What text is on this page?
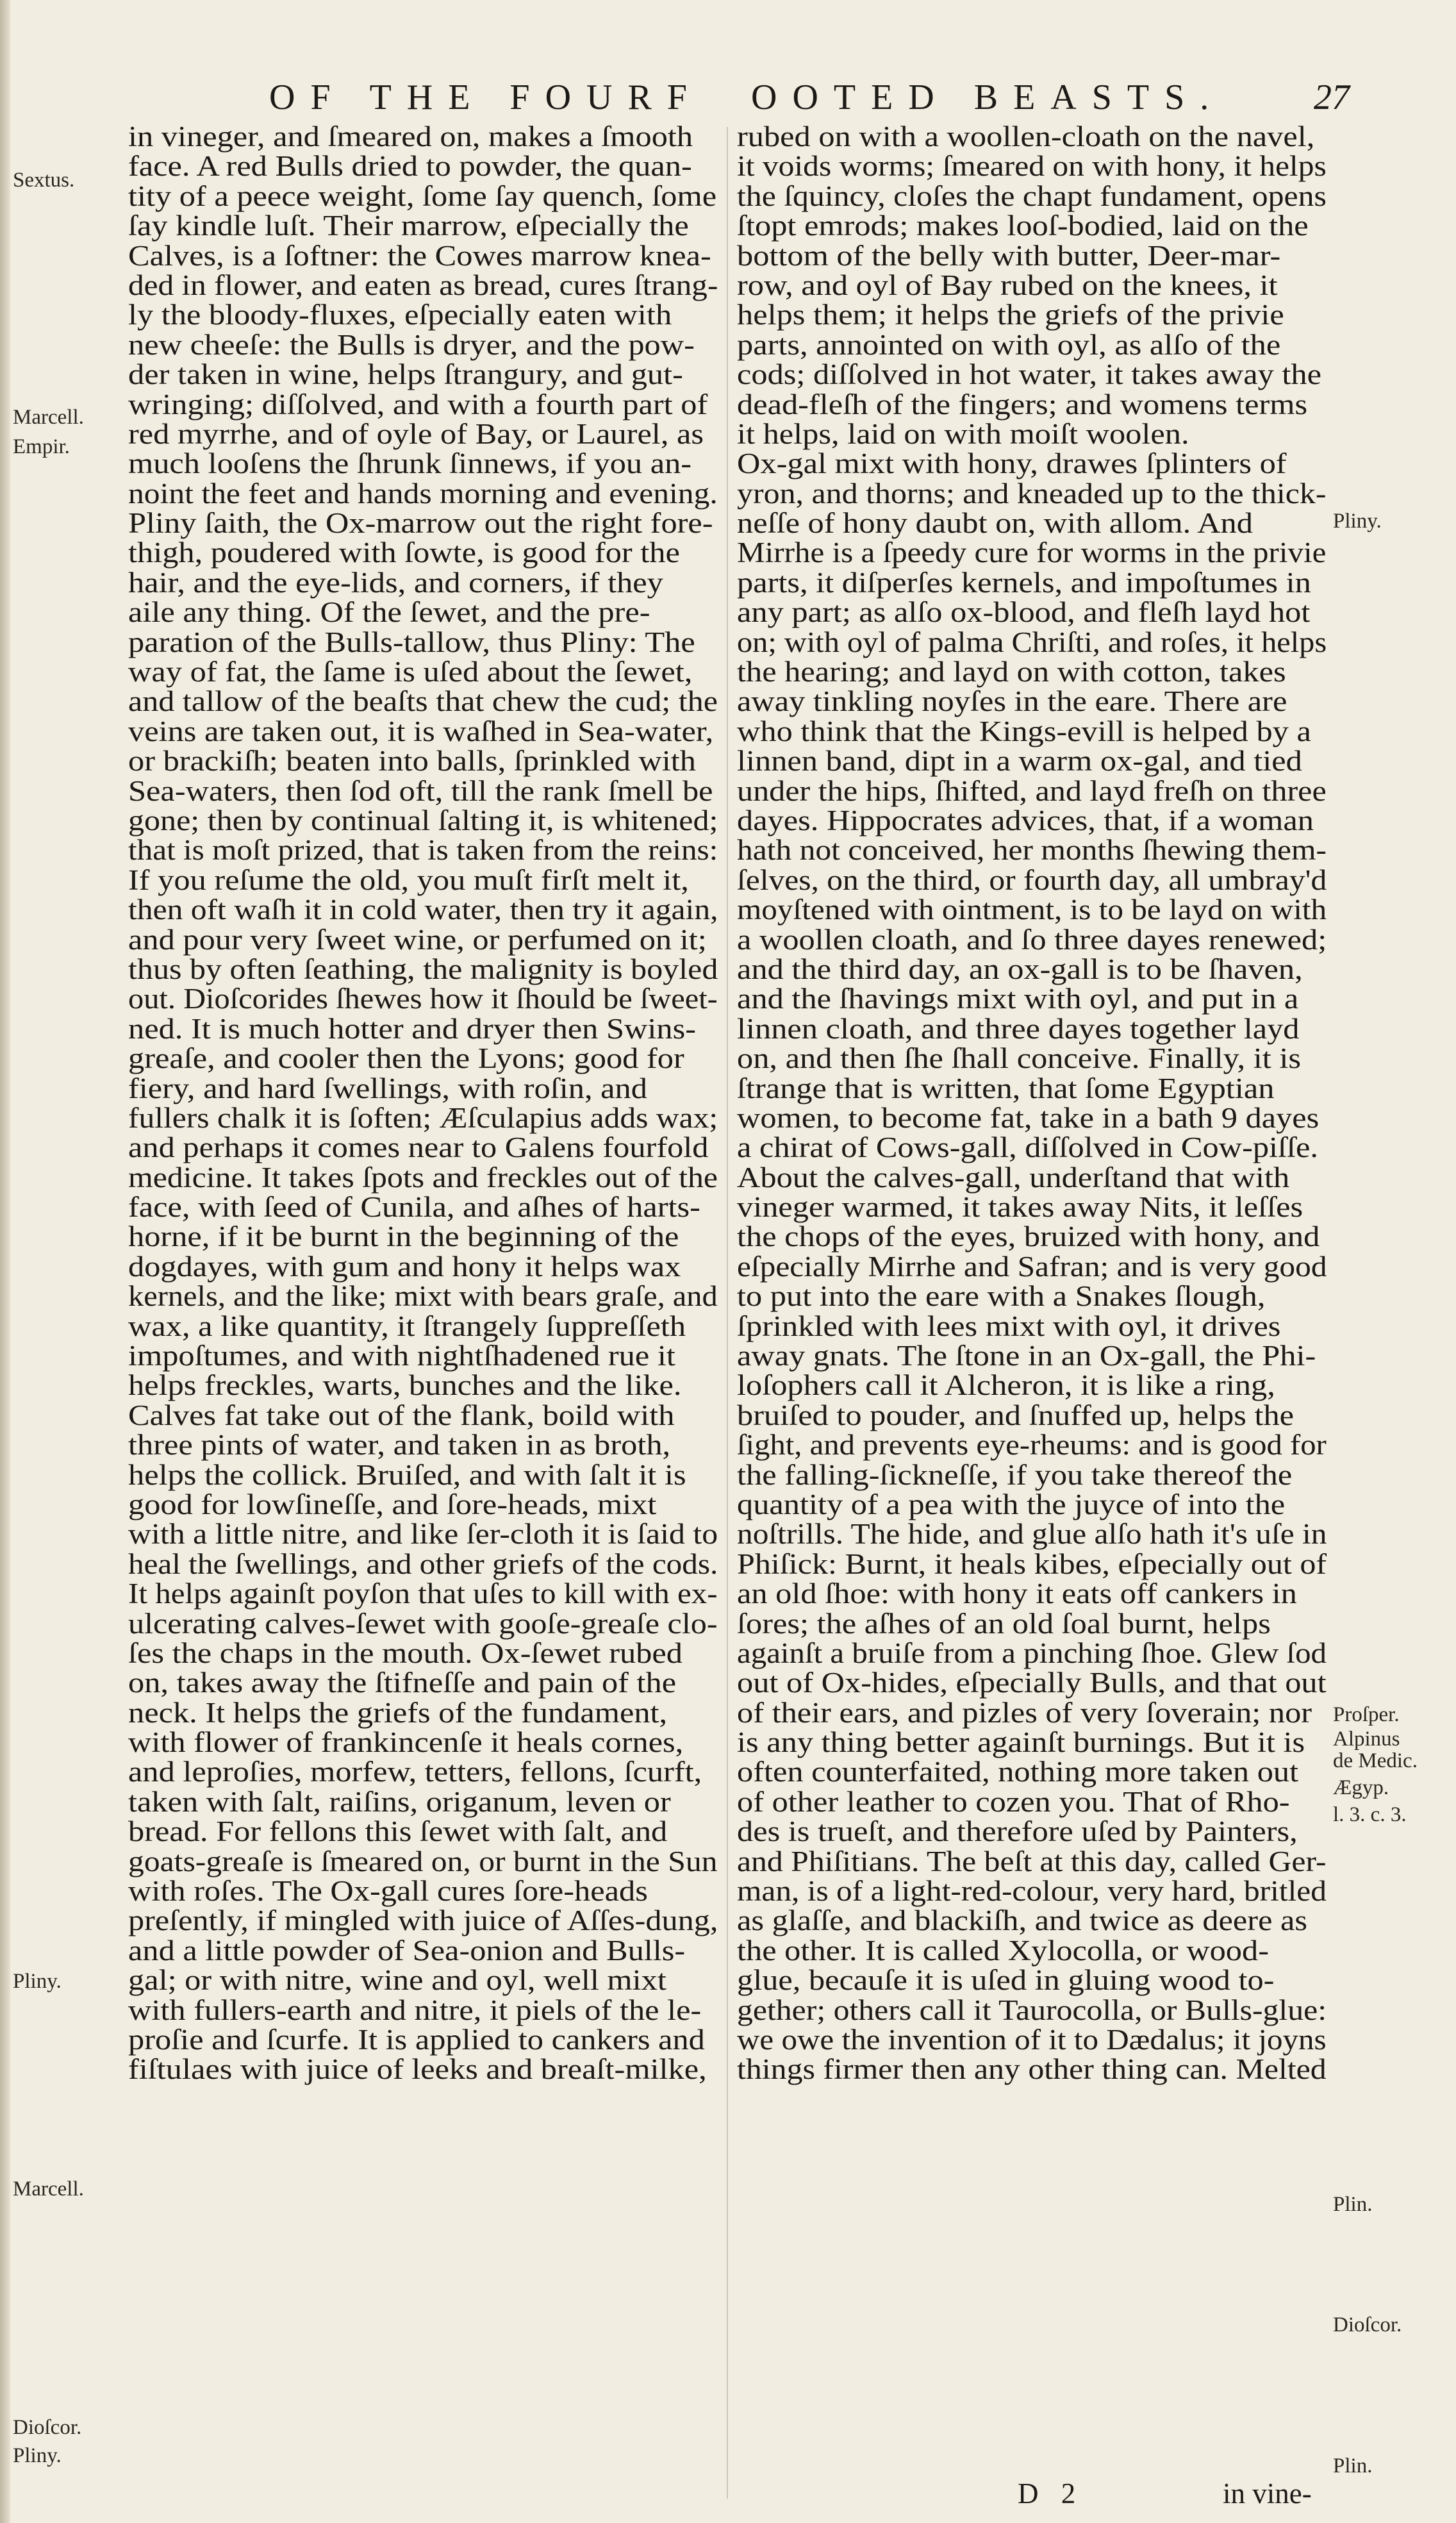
OF THE FOURF OOTED BEASTS. 27
in vineger, and ſmeared on, makes a ſmooth
face. A red Bulls dried to powder, the quan-
tity of a peece weight, ſome ſay quench, ſome
ſay kindle luſt. Their marrow, eſpecially the
Calves, is a ſoftner: the Cowes marrow knea-
ded in flower, and eaten as bread, cures ſtrang-
ly the bloody-fluxes, eſpecially eaten with
new cheeſe: the Bulls is dryer, and the pow-
der taken in wine, helps ſtrangury, and gut-
wringing; diſſolved, and with a fourth part of
red myrrhe, and of oyle of Bay, or Laurel, as
much looſens the ſhrunk ſinnews, if you an-
noint the feet and hands morning and evening.
Pliny ſaith, the Ox-marrow out the right fore-
thigh, poudered with ſowte, is good for the
hair, and the eye-lids, and corners, if they
aile any thing. Of the ſewet, and the pre-
paration of the Bulls-tallow, thus Pliny: The
way of fat, the ſame is uſed about the ſewet,
and tallow of the beaſts that chew the cud; the
veins are taken out, it is waſhed in Sea-water,
or brackiſh; beaten into balls, ſprinkled with
Sea-waters, then ſod oft, till the rank ſmell be
gone; then by continual ſalting it, is whitened;
that is moſt prized, that is taken from the reins:
If you reſume the old, you muſt firſt melt it,
then oft waſh it in cold water, then try it again,
and pour very ſweet wine, or perfumed on it;
thus by often ſeathing, the malignity is boyled
out. Dioſcorides ſhewes how it ſhould be ſweet-
ned. It is much hotter and dryer then Swins-
greaſe, and cooler then the Lyons; good for
fiery, and hard ſwellings, with roſin, and
fullers chalk it is ſoften; Æſculapius adds wax;
and perhaps it comes near to Galens fourfold
medicine. It takes ſpots and freckles out of the
face, with ſeed of Cunila, and aſhes of harts-
horne, if it be burnt in the beginning of the
dogdayes, with gum and hony it helps wax
kernels, and the like; mixt with bears graſe, and
wax, a like quantity, it ſtrangely ſuppreſſeth
impoſtumes, and with nightſhadened rue it
helps freckles, warts, bunches and the like.
Calves fat take out of the flank, boild with
three pints of water, and taken in as broth,
helps the collick. Bruiſed, and with ſalt it is
good for lowſineſſe, and ſore-heads, mixt
with a little nitre, and like ſer-cloth it is ſaid to
heal the ſwellings, and other griefs of the cods.
It helps againſt poyſon that uſes to kill with ex-
ulcerating calves-ſewet with gooſe-greaſe clo-
ſes the chaps in the mouth. Ox-ſewet rubed
on, takes away the ſtifneſſe and pain of the
neck. It helps the griefs of the fundament,
with flower of frankincenſe it heals cornes,
and leproſies, morfew, tetters, fellons, ſcurft,
taken with ſalt, raiſins, origanum, leven or
bread. For fellons this ſewet with ſalt, and
goats-greaſe is ſmeared on, or burnt in the Sun
with roſes. The Ox-gall cures ſore-heads
preſently, if mingled with juice of Aſſes-dung,
and a little powder of Sea-onion and Bulls-
gal; or with nitre, wine and oyl, well mixt
with fullers-earth and nitre, it piels of the le-
proſie and ſcurfe. It is applied to cankers and
fiſtulaes with juice of leeks and breaſt-milke,
rubed on with a woollen-cloath on the navel,
it voids worms; ſmeared on with hony, it helps
the ſquincy, cloſes the chapt fundament, opens
ſtopt emrods; makes looſ-bodied, laid on the
bottom of the belly with butter, Deer-mar-
row, and oyl of Bay rubed on the knees, it
helps them; it helps the griefs of the privie
parts, annointed on with oyl, as alſo of the
cods; diſſolved in hot water, it takes away the
dead-fleſh of the fingers; and womens terms
it helps, laid on with moiſt woolen.
Ox-gal mixt with hony, drawes ſplinters of
yron, and thorns; and kneaded up to the thick-
neſſe of hony daubt on, with allom. And
Mirrhe is a ſpeedy cure for worms in the privie
parts, it diſperſes kernels, and impoſtumes in
any part; as alſo ox-blood, and fleſh layd hot
on; with oyl of palma Chriſti, and roſes, it helps
the hearing; and layd on with cotton, takes
away tinkling noyſes in the eare. There are
who think that the Kings-evill is helped by a
linnen band, dipt in a warm ox-gal, and tied
under the hips, ſhifted, and layd freſh on three
dayes. Hippocrates advices, that, if a woman
hath not conceived, her months ſhewing them-
ſelves, on the third, or fourth day, all umbray'd
moyſtened with ointment, is to be layd on with
a woollen cloath, and ſo three dayes renewed;
and the third day, an ox-gall is to be ſhaven,
and the ſhavings mixt with oyl, and put in a
linnen cloath, and three dayes together layd
on, and then ſhe ſhall conceive. Finally, it is
ſtrange that is written, that ſome Egyptian
women, to become fat, take in a bath 9 dayes
a chirat of Cows-gall, diſſolved in Cow-piſſe.
About the calves-gall, underſtand that with
vineger warmed, it takes away Nits, it leſſes
the chops of the eyes, bruized with hony, and
eſpecially Mirrhe and Safran; and is very good
to put into the eare with a Snakes ſlough,
ſprinkled with lees mixt with oyl, it drives
away gnats. The ſtone in an Ox-gall, the Phi-
loſophers call it Alcheron, it is like a ring,
bruiſed to pouder, and ſnuffed up, helps the
ſight, and prevents eye-rheums: and is good for
the falling-ſickneſſe, if you take thereof the
quantity of a pea with the juyce of into the
noſtrills. The hide, and glue alſo hath it's uſe in
Phiſick: Burnt, it heals kibes, eſpecially out of
an old ſhoe: with hony it eats off cankers in
ſores; the aſhes of an old ſoal burnt, helps
againſt a bruiſe from a pinching ſhoe. Glew ſod
out of Ox-hides, eſpecially Bulls, and that out
of their ears, and pizles of very ſoverain; nor
is any thing better againſt burnings. But it is
often counterfaited, nothing more taken out
of other leather to cozen you. That of Rho-
des is trueſt, and therefore uſed by Painters,
and Phiſitians. The beſt at this day, called Ger-
man, is of a light-red-colour, very hard, britled
as glaſſe, and blackiſh, and twice as deere as
the other. It is called Xylocolla, or wood-
glue, becauſe it is uſed in gluing wood to-
gether; others call it Taurocolla, or Bulls-glue:
we owe the invention of it to Dædalus; it joyns
things firmer then any other thing can. Melted
Sextus.
Marcell.
Empir.
Pliny.
Marcell.
Dioſcor.
Pliny.
Pliny.
Proſper.
Alpinus
de Medic.
Ægyp.
l. 3. c. 3.
Plin.
Dioſcor.
Plin.
D 2	in vine-
